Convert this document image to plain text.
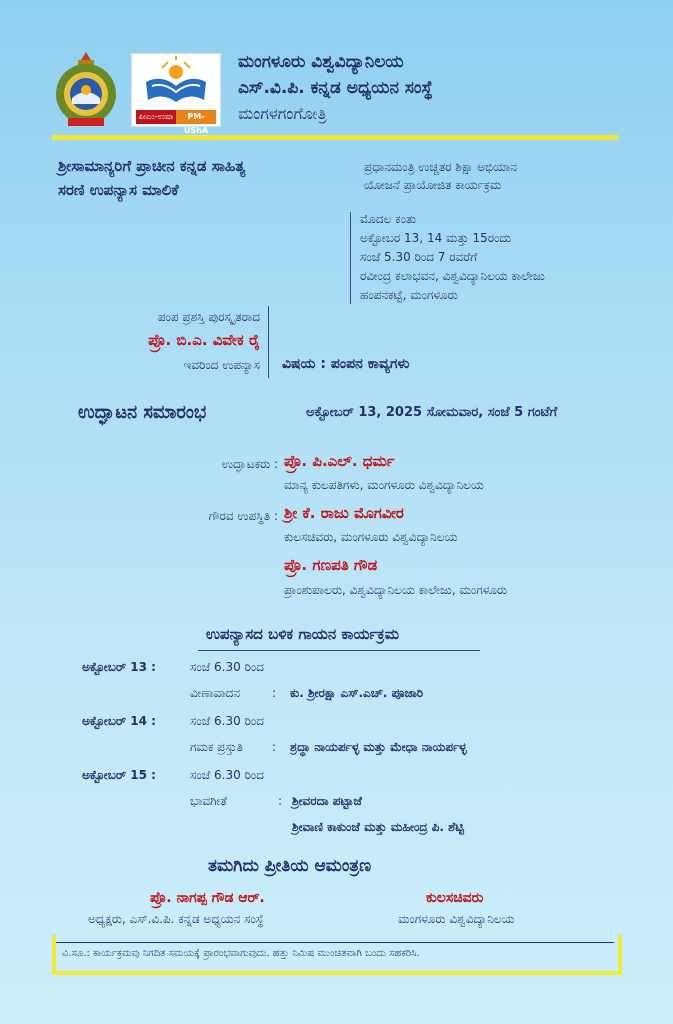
ಪೀಎಂ-ಉಷಾ	PM-UShA
ಮಂಗಳೂರು ವಿಶ್ವವಿದ್ಯಾನಿಲಯ
ಎಸ್.ವಿ.ಪಿ. ಕನ್ನಡ ಅಧ್ಯಯನ ಸಂಸ್ಥೆ
ಮಂಗಳಗಂಗೋತ್ರಿ
ಶ್ರೀಸಾಮಾನ್ಯರಿಗೆ ಪ್ರಾಚೀನ ಕನ್ನಡ ಸಾಹಿತ್ಯ
ಸರಣಿ ಉಪನ್ಯಾಸ ಮಾಲಿಕೆ
ಪ್ರಧಾನಮಂತ್ರಿ ಉಚ್ಚತರ ಶಿಕ್ಷಾ ಅಭಿಯಾನ
ಯೋಜನೆ ಪ್ರಾಯೋಜಿತ ಕಾರ್ಯಕ್ರಮ
ಮೊದಲ ಕಂತು
ಅಕ್ಟೋಬರ 13, 14 ಮತ್ತು 15ರಂದು
ಸಂಜೆ 5.30 ರಿಂದ 7 ರವರೆಗೆ
ರವೀಂದ್ರ ಕಲಾಭವನ, ವಿಶ್ವವಿದ್ಯಾನಿಲಯ ಕಾಲೇಜು
ಹಂಪನಕಟ್ಟೆ, ಮಂಗಳೂರು
ಪಂಪ ಪ್ರಶಸ್ತಿ ಪುರಸ್ಕೃತರಾದ
ಪ್ರೊ. ಬಿ.ಎ. ವಿವೇಕ ರೈ
ಇವರಿಂದ ಉಪನ್ಯಾಸ ವಿಷಯ : ಪಂಪನ ಕಾವ್ಯಗಳು
ಉದ್ಘಾಟನ ಸಮಾರಂಭ	ಅಕ್ಟೋಬರ್ 13, 2025 ಸೋಮವಾರ, ಸಂಜೆ 5 ಗಂಟೆಗೆ
ಉದ್ಘಾಟಕರು : ಪ್ರೊ. ಪಿ.ಎಲ್. ಧರ್ಮ
ಮಾನ್ಯ ಕುಲಪತಿಗಳು, ಮಂಗಳೂರು ವಿಶ್ವವಿದ್ಯಾನಿಲಯ
ಗೌರವ ಉಪಸ್ಥಿತಿ : ಶ್ರೀ ಕೆ. ರಾಜು ಮೊಗವೀರ
ಕುಲಸಚಿವರು, ಮಂಗಳೂರು ವಿಶ್ವವಿದ್ಯಾನಿಲಯ
ಪ್ರೊ. ಗಣಪತಿ ಗೌಡ
ಪ್ರಾಂಶುಪಾಲರು, ವಿಶ್ವವಿದ್ಯಾನಿಲಯ ಕಾಲೇಜು, ಮಂಗಳೂರು
ಉಪನ್ಯಾಸದ ಬಳಿಕ ಗಾಯನ ಕಾರ್ಯಕ್ರಮ
ಅಕ್ಟೋಬರ್ 13 :	ಸಂಜೆ 6.30 ರಿಂದ
ವೀಣಾವಾದನ	: ಕು. ಶ್ರೀರಕ್ಷಾ ಎಸ್.ಎಚ್. ಪೂಜಾರಿ
ಅಕ್ಟೋಬರ್ 14 :	ಸಂಜೆ 6.30 ರಿಂದ
ಗಮಕ ಪ್ರಸ್ತುತಿ : ಶ್ರದ್ಧಾ ನಾಯರ್ಪಳ್ಳ ಮತ್ತು ಮೇಧಾ ನಾಯರ್ಪಳ್ಳ
ಅಕ್ಟೋಬರ್ 15 :	ಸಂಜೆ 6.30 ರಿಂದ
ಭಾವಗೀತೆ	: ಶ್ರೀವರದಾ ಪಟ್ಟಾಜೆ
ಶ್ರೀವಾಣಿ ಕಾಕುಂಜೆ ಮತ್ತು ಮಹೀಂದ್ರ ಪಿ. ಶೆಟ್ಟಿ
ತಮಗಿದು ಪ್ರೀತಿಯ ಆಮಂತ್ರಣ
ಪ್ರೊ. ನಾಗಪ್ಪ ಗೌಡ ಆರ್.
ಅಧ್ಯಕ್ಷರು, ಎಸ್.ವಿ.ಪಿ. ಕನ್ನಡ ಅಧ್ಯಯನ ಸಂಸ್ಥೆ
ಕುಲಸಚಿವರು
ಮಂಗಳೂರು ವಿಶ್ವವಿದ್ಯಾನಿಲಯ
ವಿ.ಸೂ.: ಕಾರ್ಯಕ್ರಮವು ನಿಗದಿತ ಸಮಯಕ್ಕೆ ಪ್ರಾರಂಭವಾಗುವುದು. ಹತ್ತು ನಿಮಿಷ ಮುಂಚಿತವಾಗಿ ಬಂದು ಸಹಕರಿಸಿ.
